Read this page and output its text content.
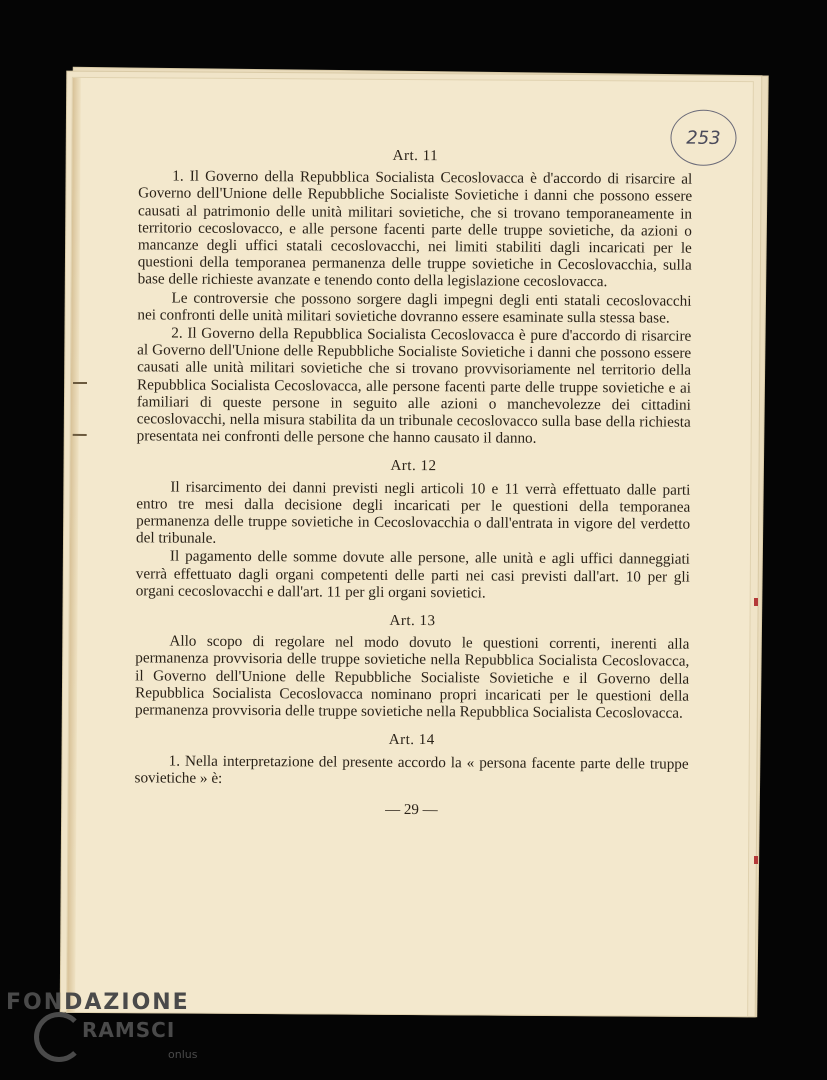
253
Art. 11

1. Il Governo della Repubblica Socialista Cecoslovacca è d'accordo di risarcire al Governo dell'Unione delle Repubbliche Socialiste Sovietiche i danni che possono essere causati al patrimonio delle unità militari sovietiche, che si trovano temporaneamente in territorio cecoslovacco, e alle persone facenti parte delle truppe sovietiche, da azioni o mancanze degli uffici statali cecoslovacchi, nei limiti stabiliti dagli incaricati per le questioni della temporanea permanenza delle truppe sovietiche in Cecoslovacchia, sulla base delle richieste avanzate e tenendo conto della legislazione cecoslovacca.

Le controversie che possono sorgere dagli impegni degli enti statali cecoslovacchi nei confronti delle unità militari sovietiche dovranno essere esaminate sulla stessa base.

2. Il Governo della Repubblica Socialista Cecoslovacca è pure d'accordo di risarcire al Governo dell'Unione delle Repubbliche Socialiste Sovietiche i danni che possono essere causati alle unità militari sovietiche che si trovano provvisoriamente nel territorio della Repubblica Socialista Cecoslovacca, alle persone facenti parte delle truppe sovietiche e ai familiari di queste persone in seguito alle azioni o manchevolezze dei cittadini cecoslovacchi, nella misura stabilita da un tribunale cecoslovacco sulla base della richiesta presentata nei confronti delle persone che hanno causato il danno.

Art. 12

Il risarcimento dei danni previsti negli articoli 10 e 11 verrà effettuato dalle parti entro tre mesi dalla decisione degli incaricati per le questioni della temporanea permanenza delle truppe sovietiche in Cecoslovacchia o dall'entrata in vigore del verdetto del tribunale.

Il pagamento delle somme dovute alle persone, alle unità e agli uffici danneggiati verrà effettuato dagli organi competenti delle parti nei casi previsti dall'art. 10 per gli organi cecoslovacchi e dall'art. 11 per gli organi sovietici.

Art. 13

Allo scopo di regolare nel modo dovuto le questioni correnti, inerenti alla permanenza provvisoria delle truppe sovietiche nella Repubblica Socialista Cecoslovacca, il Governo dell'Unione delle Repubbliche Socialiste Sovietiche e il Governo della Repubblica Socialista Cecoslovacca nominano propri incaricati per le questioni della permanenza provvisoria delle truppe sovietiche nella Repubblica Socialista Cecoslovacca.

Art. 14

1. Nella interpretazione del presente accordo la « persona facente parte delle truppe sovietiche » è:

— 29 —
FONDAZIONE
RAMSCI
onlus
